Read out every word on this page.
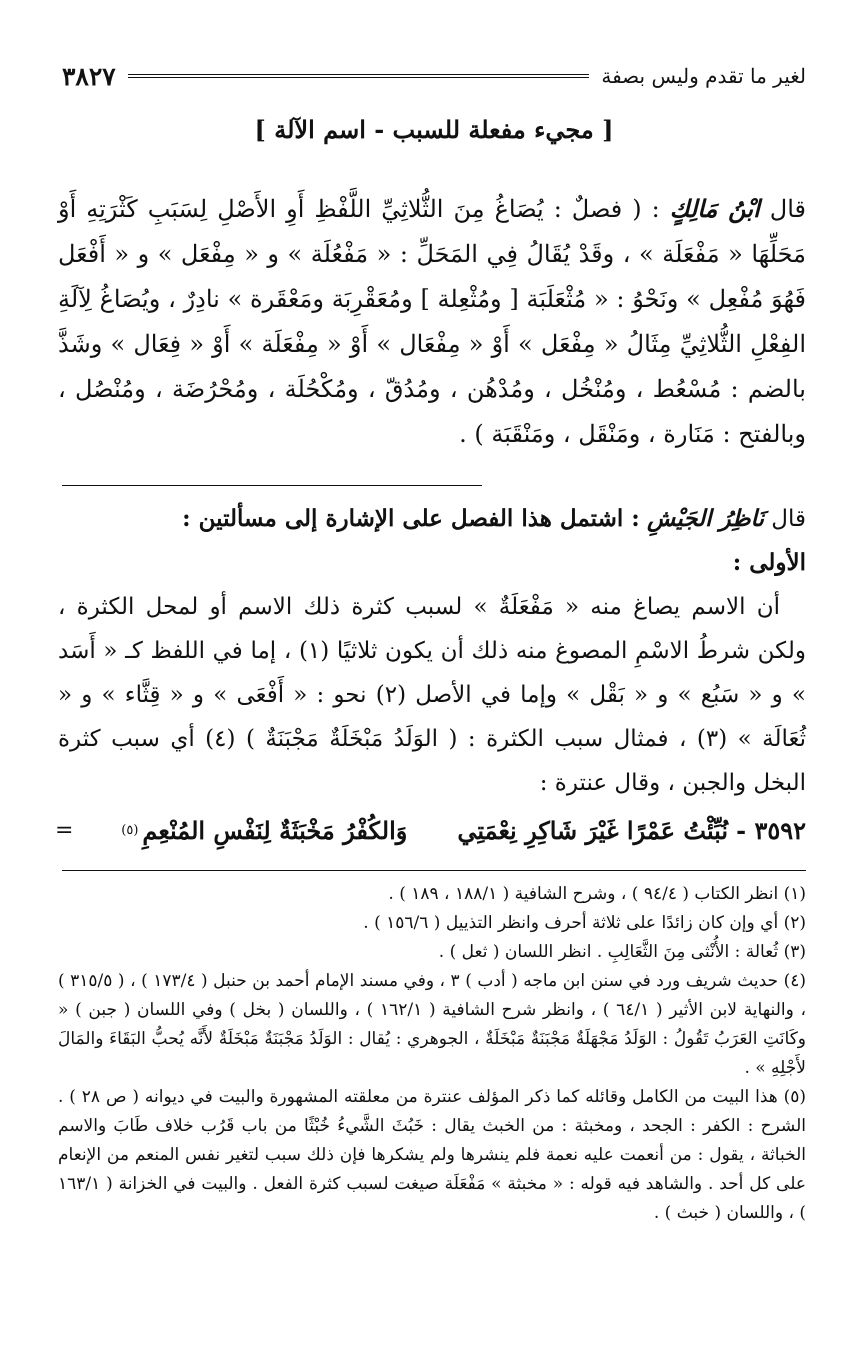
لغير ما تقدم وليس بصفة
٣٨٢٧
[ مجيء مفعلة للسبب - اسم الآلة ]

قال ابْنُ مَالِكٍ : ( فصلٌ : يُصَاغُ مِنَ الثُّلاثِيِّ اللَّفْظِ أَوِ الأَصْلِ لِسَبَبِ كَثْرَتِهِ أَوْ مَحَلِّهَا « مَفْعَلَة » ، وقَدْ يُقَالُ فِي المَحَلِّ : « مَفْعُلَة » و « مِفْعَل » و « أَفْعَل فَهُوَ مُفْعِل » ونَحْوُ : « مُثْعَلَبَة [ ومُثْعِلة ] ومُعَقْرِبَة ومَعْقَرة » نادِرٌ ، ويُصَاغُ لِآلَةِ الفِعْلِ الثُّلاثِيِّ مِثَالُ « مِفْعَل » أَوْ « مِفْعَال » أَوْ « مِفْعَلَة » أَوْ « فِعَال » وشَذَّ بالضم : مُسْعُط ، ومُنْخُل ، ومُدْهُن ، ومُدُقّ ، ومُكْحُلَة ، ومُحْرُضَة ، ومُنْصُل ، وبالفتح : مَنَارة ، ومَنْقَل ، ومَنْقَبَة ) .

قال نَاظِرُ الجَيْشِ : اشتمل هذا الفصل على الإشارة إلى مسألتين :

الأولى :

أن الاسم يصاغ منه « مَفْعَلَةٌ » لسبب كثرة ذلك الاسم أو لمحل الكثرة ، ولكن شرطُ الاسْمِ المصوغ منه ذلك أن يكون ثلاثيًا (١) ، إما في اللفظ كـ « أَسَد » و « سَبُع » و « بَقْل » وإما في الأصل (٢) نحو : « أَفْعَى » و « قِثَّاء » و « ثُعَالَة » (٣) ، فمثال سبب الكثرة : ( الوَلَدُ مَبْخَلَةٌ مَجْبَنَةٌ ) (٤) أي سبب كثرة البخل والجبن ، وقال عنترة :

٣٥٩٢ -
نُبِّئْتُ عَمْرًا غَيْرَ شَاكِرِ نِعْمَتِي
وَالكُفْرُ مَخْبَثَةٌ لِنَفْسِ المُنْعِمِ
(٥)
=

(١) انظر الكتاب ( ٩٤/٤ ) ، وشرح الشافية ( ١٨٨/١ ، ١٨٩ ) .

(٢) أي وإن كان زائدًا على ثلاثة أحرف وانظر التذييل ( ١٥٦/٦ ) .

(٣) ثُعالة : الأُنْثى مِنَ الثَّعَالِبِ . انظر اللسان ( ثعل ) .

(٤) حديث شريف ورد في سنن ابن ماجه ( أدب ) ٣ ، وفي مسند الإمام أحمد بن حنبل ( ١٧٣/٤ ) ، ( ٣١٥/٥ ) ، والنهاية لابن الأثير ( ٦٤/١ ) ، وانظر شرح الشافية ( ١٦٢/١ ) ، واللسان ( بخل ) وفي اللسان ( جبن ) « وكَانَتِ العَرَبُ تَقُولُ : الوَلَدُ مَجْهَلَةٌ مَجْبَنَةٌ مَبْخَلَةٌ ، الجوهري : يُقال : الوَلَدُ مَجْبَنَةٌ مَبْخَلَةٌ لأَنَّه يُحبُّ البَقَاءَ والمَالَ لأَجْلِهِ » .

(٥) هذا البيت من الكامل وقائله كما ذكر المؤلف عنترة من معلقته المشهورة والبيت في ديوانه ( ص ٢٨ ) . الشرح : الكفر : الجحد ، ومخبثة : من الخبث يقال : خَبُثَ الشَّيءُ خُبْثًا من باب قَرُب خلاف طَابَ والاسم الخباثة ، يقول : من أنعمت عليه نعمة فلم ينشرها ولم يشكرها فإن ذلك سبب لتغير نفس المنعم من الإنعام على كل أحد . والشاهد فيه قوله : « مخبثة » مَفْعَلَة صيغت لسبب كثرة الفعل . والبيت في الخزانة ( ١٦٣/١ ) ، واللسان ( خبث ) .
